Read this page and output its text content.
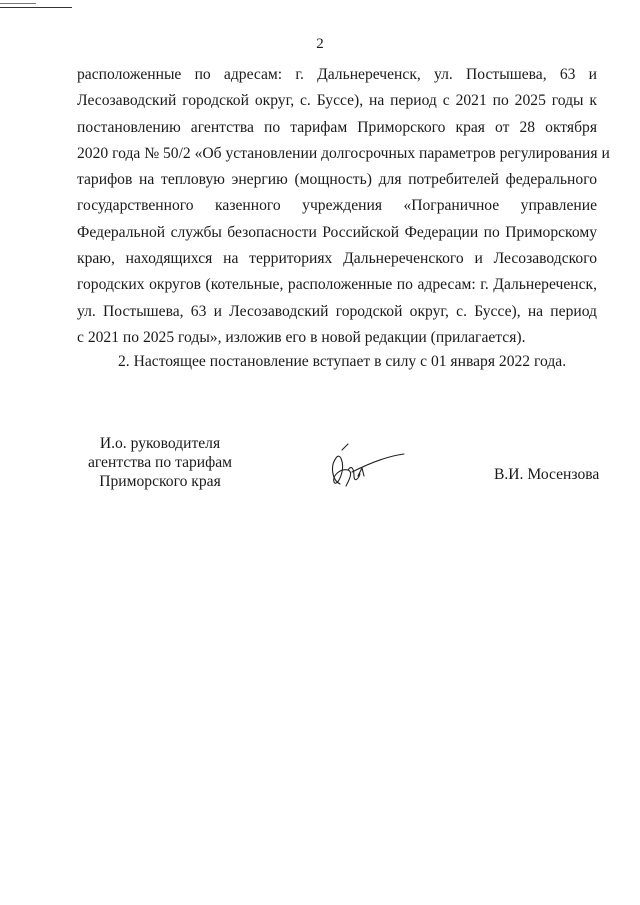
2
расположенные по адресам: г. Дальнереченск, ул. Постышева, 63 и
Лесозаводский городской округ, с. Буссе), на период с 2021 по 2025 годы к
постановлению агентства по тарифам Приморского края от 28 октября
2020 года № 50/2 «Об установлении долгосрочных параметров регулирования и
тарифов на тепловую энергию (мощность) для потребителей федерального
государственного казенного учреждения «Пограничное управление
Федеральной службы безопасности Российской Федерации по Приморскому
краю, находящихся на территориях Дальнереченского и Лесозаводского
городских округов (котельные, расположенные по адресам: г. Дальнереченск,
ул. Постышева, 63 и Лесозаводский городской округ, с. Буссе), на период
с 2021 по 2025 годы», изложив его в новой редакции (прилагается).
2. Настоящее постановление вступает в силу с 01 января 2022 года.
И.о. руководителя
агентства по тарифам
Приморского края	В.И. Мосензова
